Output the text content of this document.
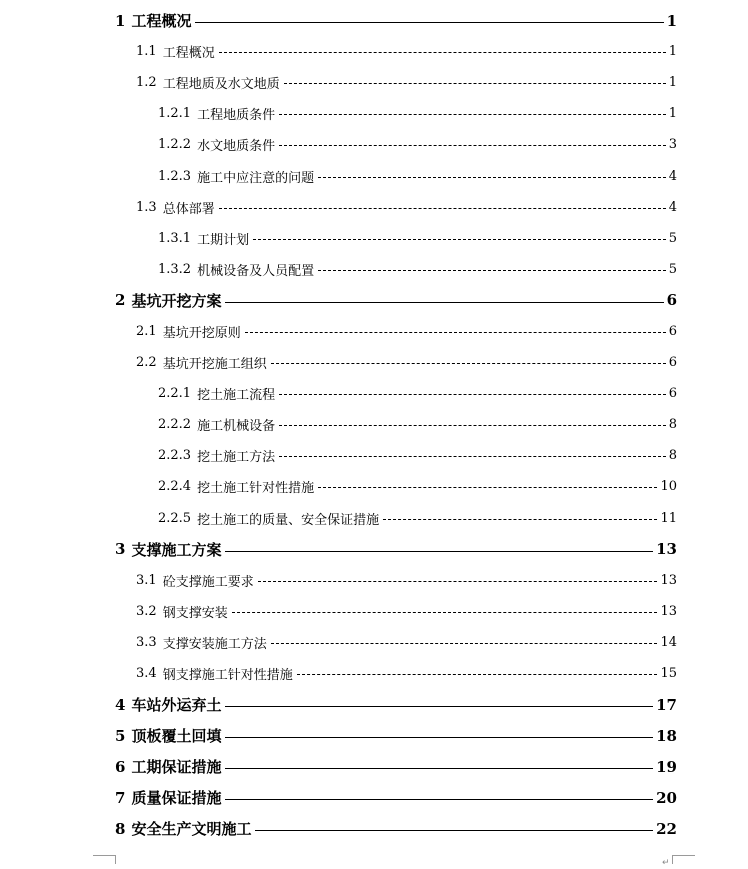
1 工程概况	1
1.1 工程概况	1
1.2 工程地质及水文地质	1
1.2.1 工程地质条件	1
1.2.2 水文地质条件	3
1.2.3 施工中应注意的问题	4
1.3 总体部署	4
1.3.1 工期计划	5
1.3.2 机械设备及人员配置	5
2 基坑开挖方案	6
2.1 基坑开挖原则	6
2.2 基坑开挖施工组织	6
2.2.1 挖土施工流程	6
2.2.2 施工机械设备	8
2.2.3 挖土施工方法	8
2.2.4 挖土施工针对性措施	10
2.2.5 挖土施工的质量、安全保证措施	11
3 支撑施工方案	13
3.1 砼支撑施工要求	13
3.2 钢支撑安装	13
3.3 支撑安装施工方法	14
3.4 钢支撑施工针对性措施	15
4 车站外运弃土	17
5 顶板覆土回填	18
6 工期保证措施	19
7 质量保证措施	20
8 安全生产文明施工	22
↵
